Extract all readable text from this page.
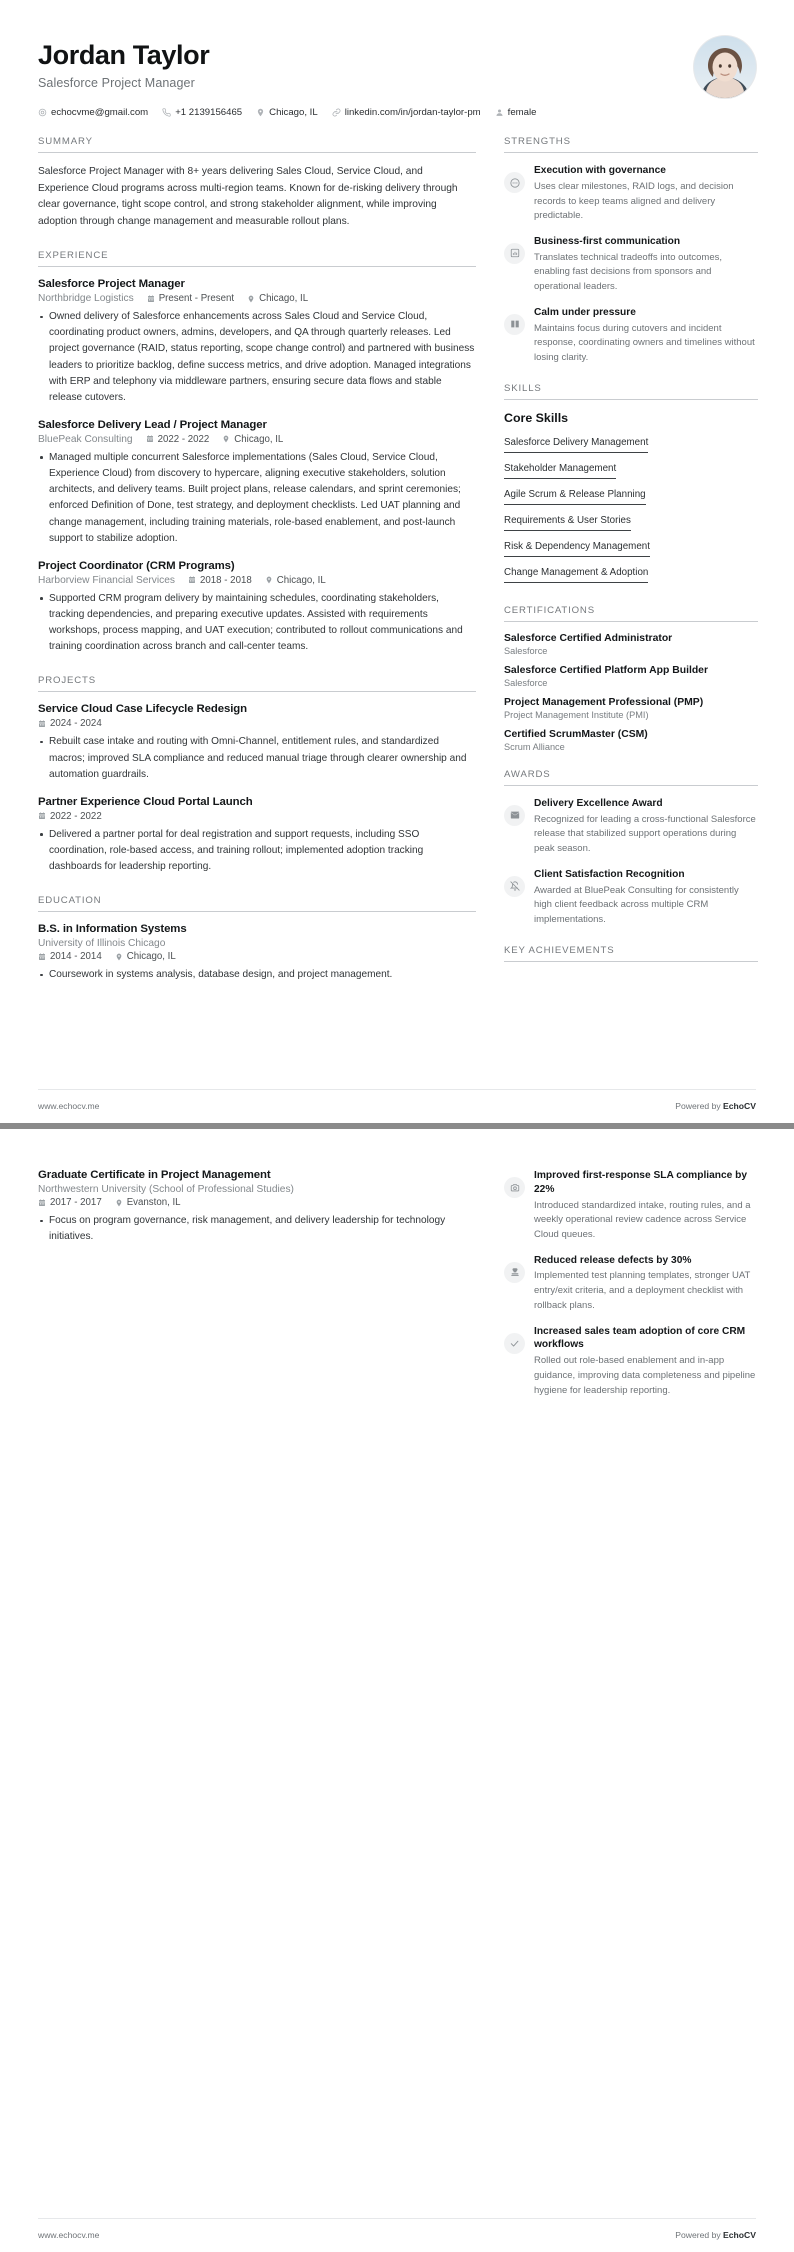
Jordan Taylor
Salesforce Project Manager
echocvme@gmail.com	+1 2139156465	Chicago, IL	linkedin.com/in/jordan-taylor-pm	female
SUMMARY
Salesforce Project Manager with 8+ years delivering Sales Cloud, Service Cloud, and Experience Cloud programs across multi-region teams. Known for de-risking delivery through clear governance, tight scope control, and strong stakeholder alignment, while improving adoption through change management and measurable rollout plans.
EXPERIENCE
Salesforce Project Manager
Northbridge Logistics	Present - Present	Chicago, IL
Owned delivery of Salesforce enhancements across Sales Cloud and Service Cloud, coordinating product owners, admins, developers, and QA through quarterly releases. Led project governance (RAID, status reporting, scope change control) and partnered with business leaders to prioritize backlog, define success metrics, and drive adoption. Managed integrations with ERP and telephony via middleware partners, ensuring secure data flows and stable release cutovers.
Salesforce Delivery Lead / Project Manager
BluePeak Consulting	2022 - 2022	Chicago, IL
Managed multiple concurrent Salesforce implementations (Sales Cloud, Service Cloud, Experience Cloud) from discovery to hypercare, aligning executive stakeholders, solution architects, and delivery teams. Built project plans, release calendars, and sprint ceremonies; enforced Definition of Done, test strategy, and deployment checklists. Led UAT planning and change management, including training materials, role-based enablement, and post-launch support to stabilize adoption.
Project Coordinator (CRM Programs)
Harborview Financial Services	2018 - 2018	Chicago, IL
Supported CRM program delivery by maintaining schedules, coordinating stakeholders, tracking dependencies, and preparing executive updates. Assisted with requirements workshops, process mapping, and UAT execution; contributed to rollout communications and training coordination across branch and call-center teams.
PROJECTS
Service Cloud Case Lifecycle Redesign
2024 - 2024
Rebuilt case intake and routing with Omni-Channel, entitlement rules, and standardized macros; improved SLA compliance and reduced manual triage through clearer ownership and automation guardrails.
Partner Experience Cloud Portal Launch
2022 - 2022
Delivered a partner portal for deal registration and support requests, including SSO coordination, role-based access, and training rollout; implemented adoption tracking dashboards for leadership reporting.
EDUCATION
B.S. in Information Systems
University of Illinois Chicago
2014 - 2014	Chicago, IL
Coursework in systems analysis, database design, and project management.
STRENGTHS
Execution with governance
Uses clear milestones, RAID logs, and decision records to keep teams aligned and delivery predictable.
Business-first communication
Translates technical tradeoffs into outcomes, enabling fast decisions from sponsors and operational leaders.
Calm under pressure
Maintains focus during cutovers and incident response, coordinating owners and timelines without losing clarity.
SKILLS
Core Skills
Salesforce Delivery Management Stakeholder Management Agile Scrum & Release Planning Requirements & User Stories Risk & Dependency Management Change Management & Adoption
CERTIFICATIONS
Salesforce Certified Administrator
Salesforce
Salesforce Certified Platform App Builder
Salesforce
Project Management Professional (PMP)
Project Management Institute (PMI)
Certified ScrumMaster (CSM)
Scrum Alliance
AWARDS
Delivery Excellence Award
Recognized for leading a cross-functional Salesforce release that stabilized support operations during peak season.
Client Satisfaction Recognition
Awarded at BluePeak Consulting for consistently high client feedback across multiple CRM implementations.
KEY ACHIEVEMENTS
www.echocv.me	Powered by EchoCV
Graduate Certificate in Project Management
Northwestern University (School of Professional Studies)
2017 - 2017	Evanston, IL
Focus on program governance, risk management, and delivery leadership for technology initiatives.
Improved first-response SLA compliance by 22%
Introduced standardized intake, routing rules, and a weekly operational review cadence across Service Cloud queues.
Reduced release defects by 30%
Implemented test planning templates, stronger UAT entry/exit criteria, and a deployment checklist with rollback plans.
Increased sales team adoption of core CRM workflows
Rolled out role-based enablement and in-app guidance, improving data completeness and pipeline hygiene for leadership reporting.
www.echocv.me	Powered by EchoCV
